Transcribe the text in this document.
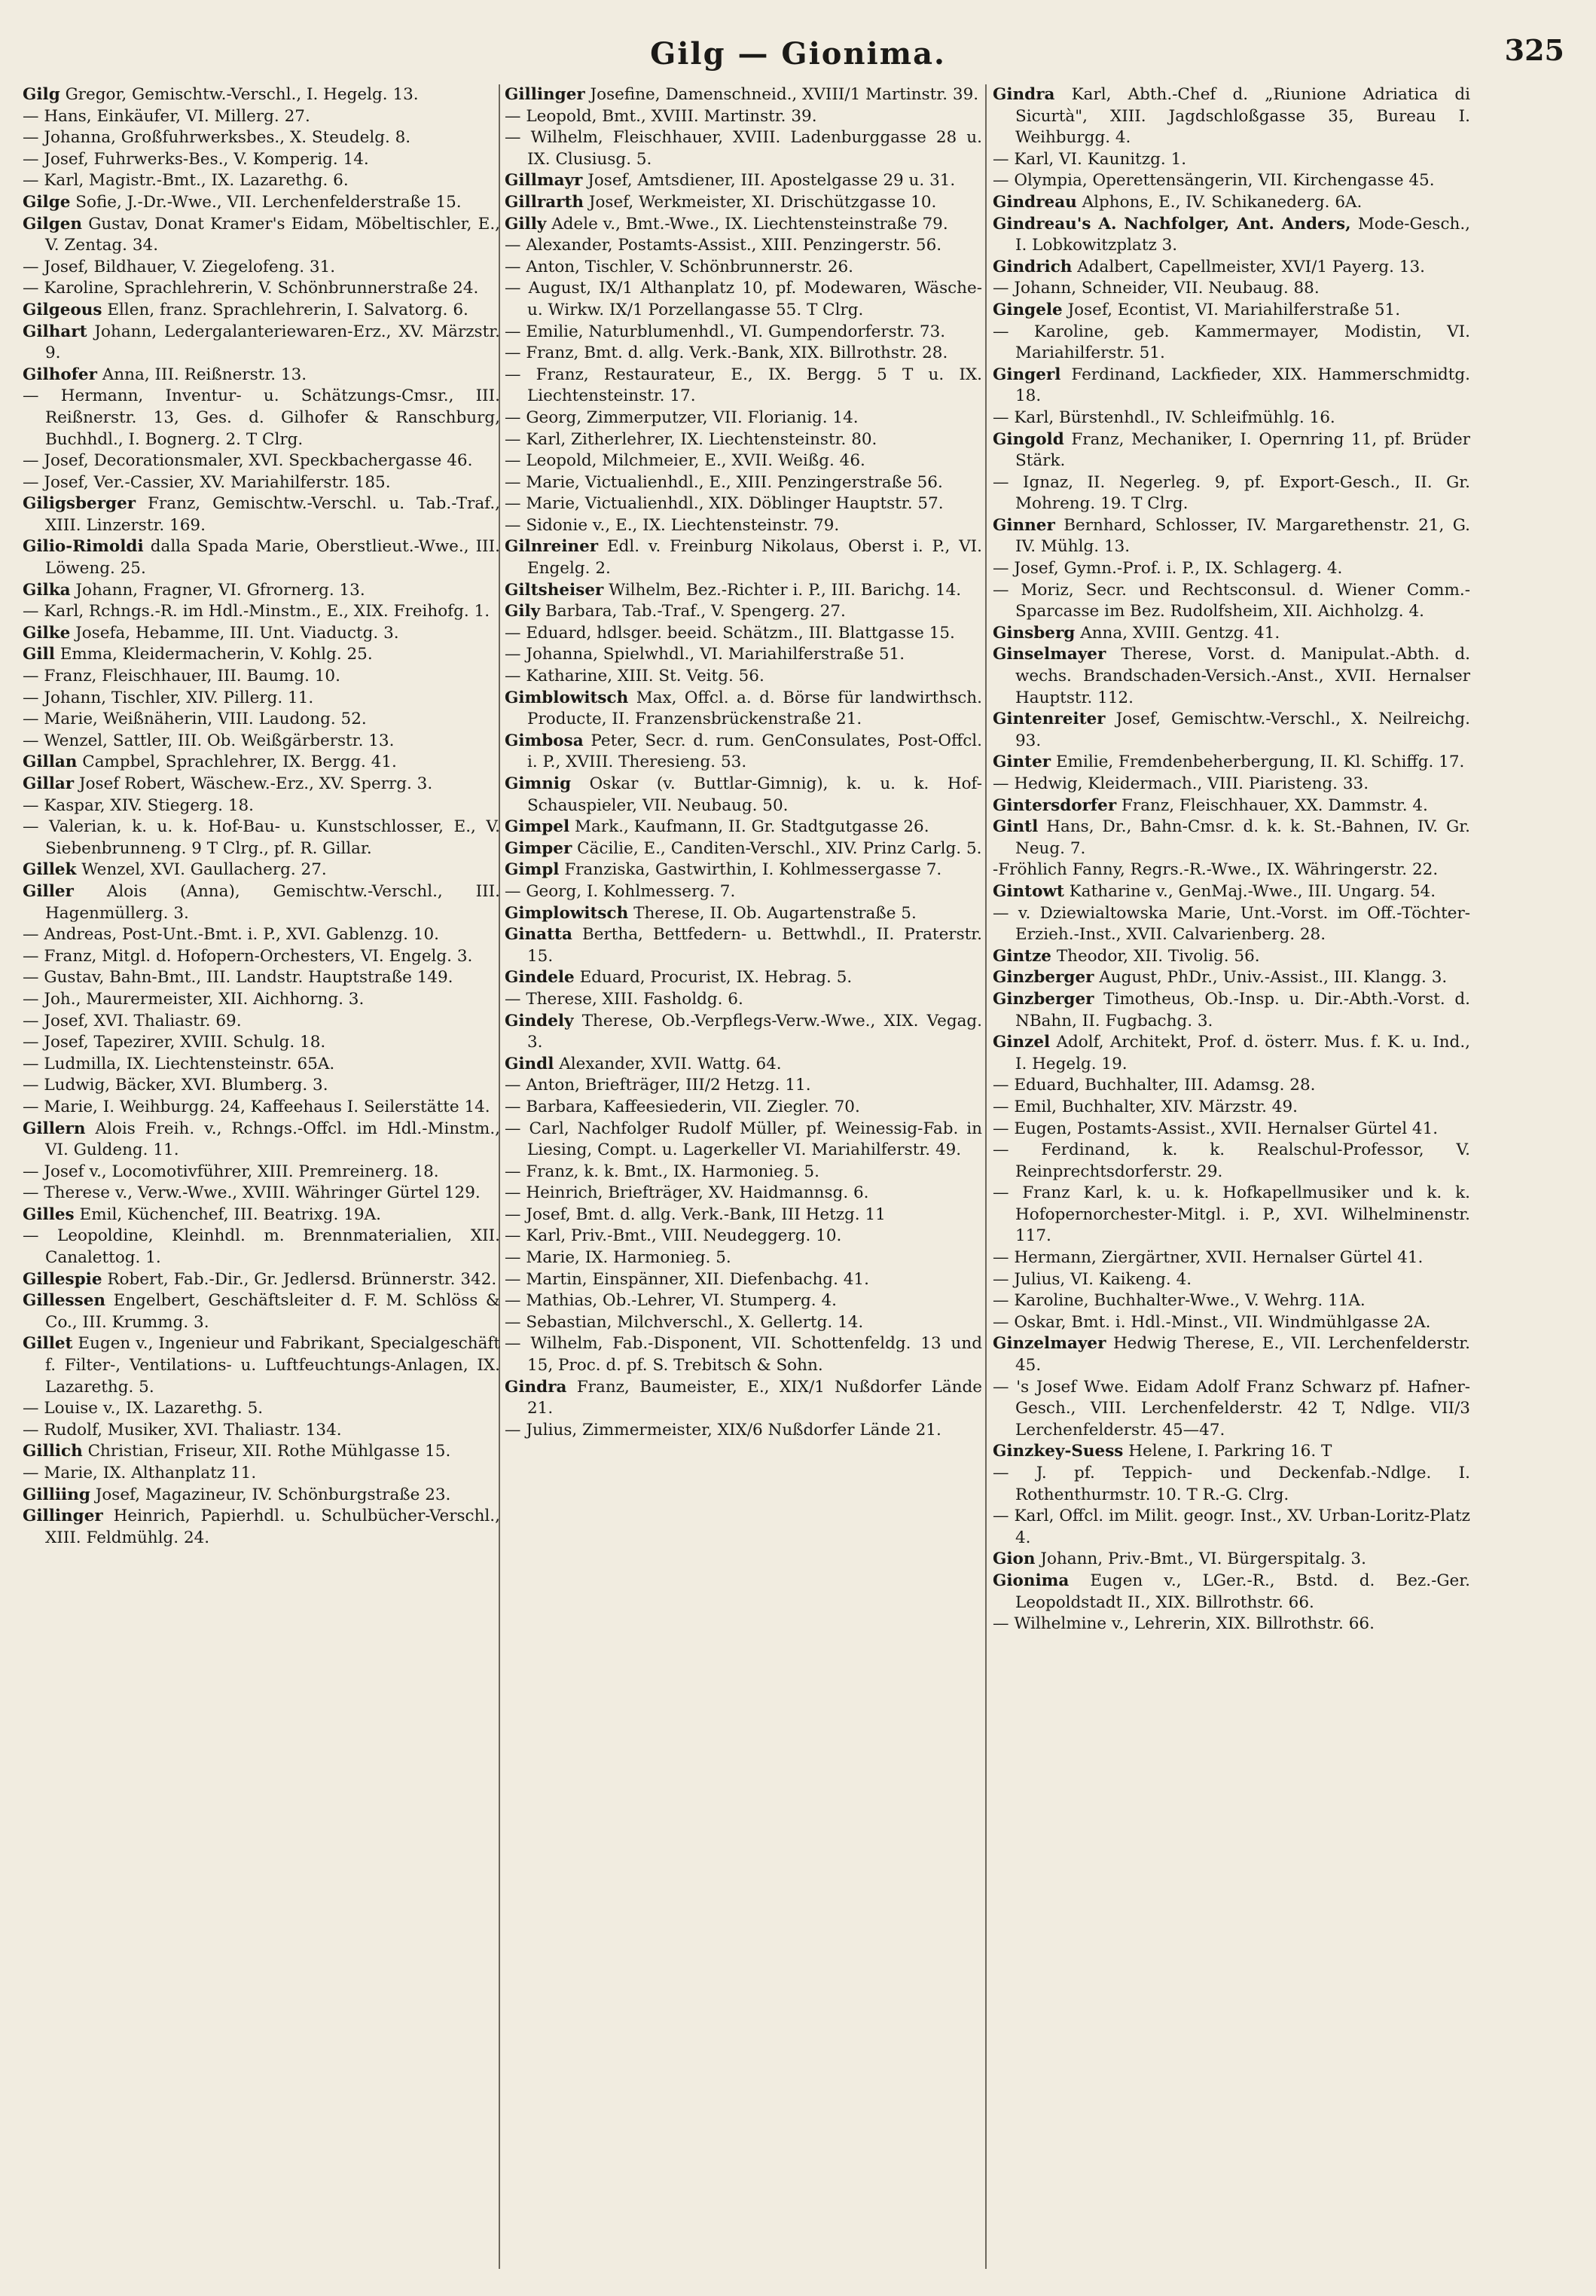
Gilg — Gionima.	325

Gilg Gregor, Gemischtw.-Verschl., I. Hegelg. 13.

— Hans, Einkäufer, VI. Millerg. 27.

— Johanna, Großfuhrwerksbes., X. Steudelg. 8.

— Josef, Fuhrwerks-Bes., V. Komperig. 14.

— Karl, Magistr.-Bmt., IX. Lazarethg. 6.

Gilge Sofie, J.-Dr.-Wwe., VII. Lerchenfelderstraße 15.

Gilgen Gustav, Donat Kramer's Eidam, Möbeltischler, E., V. Zentag. 34.

— Josef, Bildhauer, V. Ziegelofeng. 31.

— Karoline, Sprachlehrerin, V. Schönbrunnerstraße 24.

Gilgeous Ellen, franz. Sprachlehrerin, I. Salvatorg. 6.

Gilhart Johann, Ledergalanteriewaren-Erz., XV. Märzstr. 9.

Gilhofer Anna, III. Reißnerstr. 13.

— Hermann, Inventur- u. Schätzungs-Cmsr., III. Reißnerstr. 13, Ges. d. Gilhofer & Ranschburg, Buchhdl., I. Bognerg. 2. T Clrg.

— Josef, Decorationsmaler, XVI. Speckbachergasse 46.

— Josef, Ver.-Cassier, XV. Mariahilferstr. 185.

Giligsberger Franz, Gemischtw.-Verschl. u. Tab.-Traf., XIII. Linzerstr. 169.

Gilio-Rimoldi dalla Spada Marie, Oberstlieut.-Wwe., III. Löweng. 25.

Gilka Johann, Fragner, VI. Gfrornerg. 13.

— Karl, Rchngs.-R. im Hdl.-Minstm., E., XIX. Freihofg. 1.

Gilke Josefa, Hebamme, III. Unt. Viaductg. 3.

Gill Emma, Kleidermacherin, V. Kohlg. 25.

— Franz, Fleischhauer, III. Baumg. 10.

— Johann, Tischler, XIV. Pillerg. 11.

— Marie, Weißnäherin, VIII. Laudong. 52.

— Wenzel, Sattler, III. Ob. Weißgärberstr. 13.

Gillan Campbel, Sprachlehrer, IX. Bergg. 41.

Gillar Josef Robert, Wäschew.-Erz., XV. Sperrg. 3.

— Kaspar, XIV. Stiegerg. 18.

— Valerian, k. u. k. Hof-Bau- u. Kunstschlosser, E., V. Siebenbrunneng. 9 T Clrg., pf. R. Gillar.

Gillek Wenzel, XVI. Gaullacherg. 27.

Giller Alois (Anna), Gemischtw.-Verschl., III. Hagenmüllerg. 3.

— Andreas, Post-Unt.-Bmt. i. P., XVI. Gablenzg. 10.

— Franz, Mitgl. d. Hofopern-Orchesters, VI. Engelg. 3.

— Gustav, Bahn-Bmt., III. Landstr. Hauptstraße 149.

— Joh., Maurermeister, XII. Aichhorng. 3.

— Josef, XVI. Thaliastr. 69.

— Josef, Tapezirer, XVIII. Schulg. 18.

— Ludmilla, IX. Liechtensteinstr. 65A.

— Ludwig, Bäcker, XVI. Blumberg. 3.

— Marie, I. Weihburgg. 24, Kaffeehaus I. Seilerstätte 14.

Gillern Alois Freih. v., Rchngs.-Offcl. im Hdl.-Minstm., VI. Guldeng. 11.

— Josef v., Locomotivführer, XIII. Premreinerg. 18.

— Therese v., Verw.-Wwe., XVIII. Währinger Gürtel 129.

Gilles Emil, Küchenchef, III. Beatrixg. 19A.

— Leopoldine, Kleinhdl. m. Brennmaterialien, XII. Canalettog. 1.

Gillespie Robert, Fab.-Dir., Gr. Jedlersd. Brünnerstr. 342.

Gillessen Engelbert, Geschäftsleiter d. F. M. Schlöss & Co., III. Krummg. 3.

Gillet Eugen v., Ingenieur und Fabrikant, Specialgeschäft f. Filter-, Ventilations- u. Luftfeuchtungs-Anlagen, IX. Lazarethg. 5.

— Louise v., IX. Lazarethg. 5.

— Rudolf, Musiker, XVI. Thaliastr. 134.

Gillich Christian, Friseur, XII. Rothe Mühlgasse 15.

— Marie, IX. Althanplatz 11.

Gilliing Josef, Magazineur, IV. Schönburgstraße 23.

Gillinger Heinrich, Papierhdl. u. Schulbücher-Verschl., XIII. Feldmühlg. 24.

Gillinger Josefine, Damenschneid., XVIII/1 Martinstr. 39.

— Leopold, Bmt., XVIII. Martinstr. 39.

— Wilhelm, Fleischhauer, XVIII. Ladenburggasse 28 u. IX. Clusiusg. 5.

Gillmayr Josef, Amtsdiener, III. Apostelgasse 29 u. 31.

Gillrarth Josef, Werkmeister, XI. Drischützgasse 10.

Gilly Adele v., Bmt.-Wwe., IX. Liechtensteinstraße 79.

— Alexander, Postamts-Assist., XIII. Penzingerstr. 56.

— Anton, Tischler, V. Schönbrunnerstr. 26.

— August, IX/1 Althanplatz 10, pf. Modewaren, Wäsche- u. Wirkw. IX/1 Porzellangasse 55. T Clrg.

— Emilie, Naturblumenhdl., VI. Gumpendorferstr. 73.

— Franz, Bmt. d. allg. Verk.-Bank, XIX. Billrothstr. 28.

— Franz, Restaurateur, E., IX. Bergg. 5 T u. IX. Liechtensteinstr. 17.

— Georg, Zimmerputzer, VII. Florianig. 14.

— Karl, Zitherlehrer, IX. Liechtensteinstr. 80.

— Leopold, Milchmeier, E., XVII. Weißg. 46.

— Marie, Victualienhdl., E., XIII. Penzingerstraße 56.

— Marie, Victualienhdl., XIX. Döblinger Hauptstr. 57.

— Sidonie v., E., IX. Liechtensteinstr. 79.

Gilnreiner Edl. v. Freinburg Nikolaus, Oberst i. P., VI. Engelg. 2.

Giltsheiser Wilhelm, Bez.-Richter i. P., III. Barichg. 14.

Gily Barbara, Tab.-Traf., V. Spengerg. 27.

— Eduard, hdlsger. beeid. Schätzm., III. Blattgasse 15.

— Johanna, Spielwhdl., VI. Mariahilferstraße 51.

— Katharine, XIII. St. Veitg. 56.

Gimblowitsch Max, Offcl. a. d. Börse für landwirthsch. Producte, II. Franzensbrückenstraße 21.

Gimbosa Peter, Secr. d. rum. GenConsulates, Post-Offcl. i. P., XVIII. Theresieng. 53.

Gimnig Oskar (v. Buttlar-Gimnig), k. u. k. Hof-Schauspieler, VII. Neubaug. 50.

Gimpel Mark., Kaufmann, II. Gr. Stadtgutgasse 26.

Gimper Cäcilie, E., Canditen-Verschl., XIV. Prinz Carlg. 5.

Gimpl Franziska, Gastwirthin, I. Kohlmessergasse 7.

— Georg, I. Kohlmesserg. 7.

Gimplowitsch Therese, II. Ob. Augartenstraße 5.

Ginatta Bertha, Bettfedern- u. Bettwhdl., II. Praterstr. 15.

Gindele Eduard, Procurist, IX. Hebrag. 5.

— Therese, XIII. Fasholdg. 6.

Gindely Therese, Ob.-Verpflegs-Verw.-Wwe., XIX. Vegag. 3.

Gindl Alexander, XVII. Wattg. 64.

— Anton, Briefträger, III/2 Hetzg. 11.

— Barbara, Kaffeesiederin, VII. Ziegler. 70.

— Carl, Nachfolger Rudolf Müller, pf. Weinessig-Fab. in Liesing, Compt. u. Lagerkeller VI. Mariahilferstr. 49.

— Franz, k. k. Bmt., IX. Harmonieg. 5.

— Heinrich, Briefträger, XV. Haidmannsg. 6.

— Josef, Bmt. d. allg. Verk.-Bank, III Hetzg. 11

— Karl, Priv.-Bmt., VIII. Neudeggerg. 10.

— Marie, IX. Harmonieg. 5.

— Martin, Einspänner, XII. Diefenbachg. 41.

— Mathias, Ob.-Lehrer, VI. Stumperg. 4.

— Sebastian, Milchverschl., X. Gellertg. 14.

— Wilhelm, Fab.-Disponent, VII. Schottenfeldg. 13 und 15, Proc. d. pf. S. Trebitsch & Sohn.

Gindra Franz, Baumeister, E., XIX/1 Nußdorfer Lände 21.

— Julius, Zimmermeister, XIX/6 Nußdorfer Lände 21.

Gindra Karl, Abth.-Chef d. „Riunione Adriatica di Sicurtà", XIII. Jagdschloßgasse 35, Bureau I. Weihburgg. 4.

— Karl, VI. Kaunitzg. 1.

— Olympia, Operettensängerin, VII. Kirchengasse 45.

Gindreau Alphons, E., IV. Schikanederg. 6A.

Gindreau's A. Nachfolger, Ant. Anders, Mode-Gesch., I. Lobkowitzplatz 3.

Gindrich Adalbert, Capellmeister, XVI/1 Payerg. 13.

— Johann, Schneider, VII. Neubaug. 88.

Gingele Josef, Econtist, VI. Mariahilferstraße 51.

— Karoline, geb. Kammermayer, Modistin, VI. Mariahilferstr. 51.

Gingerl Ferdinand, Lackfieder, XIX. Hammerschmidtg. 18.

— Karl, Bürstenhdl., IV. Schleifmühlg. 16.

Gingold Franz, Mechaniker, I. Opernring 11, pf. Brüder Stärk.

— Ignaz, II. Negerleg. 9, pf. Export-Gesch., II. Gr. Mohreng. 19. T Clrg.

Ginner Bernhard, Schlosser, IV. Margarethenstr. 21, G. IV. Mühlg. 13.

— Josef, Gymn.-Prof. i. P., IX. Schlagerg. 4.

— Moriz, Secr. und Rechtsconsul. d. Wiener Comm.-Sparcasse im Bez. Rudolfsheim, XII. Aichholzg. 4.

Ginsberg Anna, XVIII. Gentzg. 41.

Ginselmayer Therese, Vorst. d. Manipulat.-Abth. d. wechs. Brandschaden-Versich.-Anst., XVII. Hernalser Hauptstr. 112.

Gintenreiter Josef, Gemischtw.-Verschl., X. Neilreichg. 93.

Ginter Emilie, Fremdenbeherbergung, II. Kl. Schiffg. 17.

— Hedwig, Kleidermach., VIII. Piaristeng. 33.

Gintersdorfer Franz, Fleischhauer, XX. Dammstr. 4.

Gintl Hans, Dr., Bahn-Cmsr. d. k. k. St.-Bahnen, IV. Gr. Neug. 7.

-Fröhlich Fanny, Regrs.-R.-Wwe., IX. Währingerstr. 22.

Gintowt Katharine v., GenMaj.-Wwe., III. Ungarg. 54.

— v. Dziewialtowska Marie, Unt.-Vorst. im Off.-Töchter-Erzieh.-Inst., XVII. Calvarienberg. 28.

Gintze Theodor, XII. Tivolig. 56.

Ginzberger August, PhDr., Univ.-Assist., III. Klangg. 3.

Ginzberger Timotheus, Ob.-Insp. u. Dir.-Abth.-Vorst. d. NBahn, II. Fugbachg. 3.

Ginzel Adolf, Architekt, Prof. d. österr. Mus. f. K. u. Ind., I. Hegelg. 19.

— Eduard, Buchhalter, III. Adamsg. 28.

— Emil, Buchhalter, XIV. Märzstr. 49.

— Eugen, Postamts-Assist., XVII. Hernalser Gürtel 41.

— Ferdinand, k. k. Realschul-Professor, V. Reinprechtsdorferstr. 29.

— Franz Karl, k. u. k. Hofkapellmusiker und k. k. Hofopernorchester-Mitgl. i. P., XVI. Wilhelminenstr. 117.

— Hermann, Ziergärtner, XVII. Hernalser Gürtel 41.

— Julius, VI. Kaikeng. 4.

— Karoline, Buchhalter-Wwe., V. Wehrg. 11A.

— Oskar, Bmt. i. Hdl.-Minst., VII. Windmühlgasse 2A.

Ginzelmayer Hedwig Therese, E., VII. Lerchenfelderstr. 45.

— 's Josef Wwe. Eidam Adolf Franz Schwarz pf. Hafner-Gesch., VIII. Lerchenfelderstr. 42 T, Ndlge. VII/3 Lerchenfelderstr. 45—47.

Ginzkey-Suess Helene, I. Parkring 16. T

— J. pf. Teppich- und Deckenfab.-Ndlge. I. Rothenthurmstr. 10. T R.-G. Clrg.

— Karl, Offcl. im Milit. geogr. Inst., XV. Urban-Loritz-Platz 4.

Gion Johann, Priv.-Bmt., VI. Bürgerspitalg. 3.

Gionima Eugen v., LGer.-R., Bstd. d. Bez.-Ger. Leopoldstadt II., XIX. Billrothstr. 66.

— Wilhelmine v., Lehrerin, XIX. Billrothstr. 66.
